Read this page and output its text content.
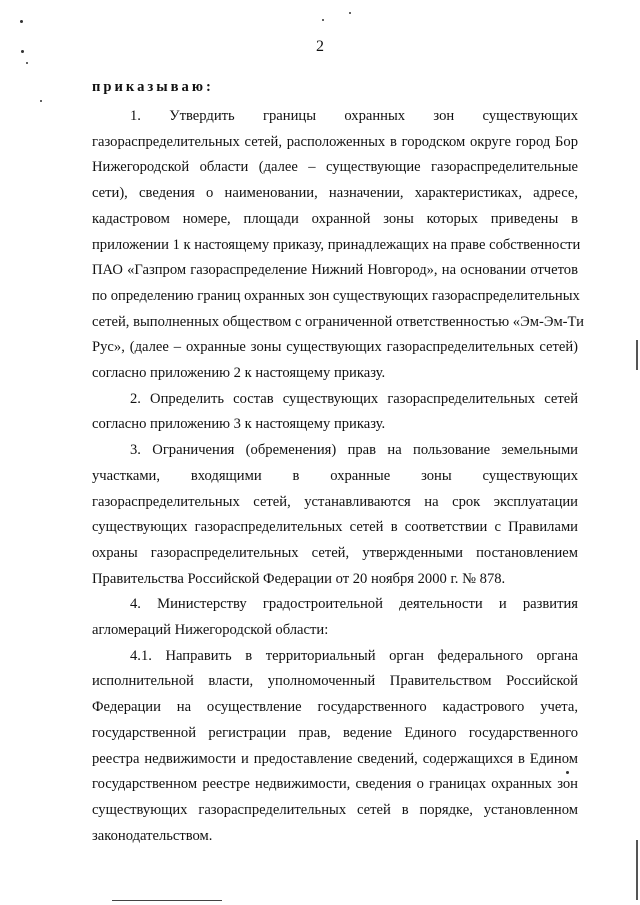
2
приказываю:
1.   Утвердить   границы   охранных   зон   существующих
газораспределительных сетей, расположенных в городском округе город Бор
Нижегородской области (далее – существующие газораспределительные
сети), сведения о наименовании, назначении, характеристиках, адресе,
кадастровом номере, площади охранной зоны которых приведены в
приложении 1 к настоящему приказу, принадлежащих на праве собственности
ПАО «Газпром газораспределение Нижний Новгород», на основании отчетов
по определению границ охранных зон существующих газораспределительных
сетей, выполненных обществом с ограниченной ответственностью «Эм-Эм-Ти
Рус», (далее – охранные зоны существующих газораспределительных сетей)
согласно приложению 2 к настоящему приказу.
2. Определить состав существующих газораспределительных сетей
согласно приложению 3 к настоящему приказу.
3. Ограничения (обременения) прав на пользование земельными
участками,     входящими     в     охранные     зоны     существующих
газораспределительных сетей, устанавливаются на срок эксплуатации
существующих газораспределительных сетей в соответствии с Правилами
охраны газораспределительных сетей, утвержденными постановлением
Правительства Российской Федерации от 20 ноября 2000 г. № 878.
4.   Министерству   градостроительной   деятельности   и   развития
агломераций Нижегородской области:
4.1.  Направить  в  территориальный  орган  федерального  органа
исполнительной власти, уполномоченный Правительством Российской
Федерации на осуществление государственного кадастрового учета,
государственной регистрации прав, ведение Единого государственного
реестра недвижимости и предоставление сведений, содержащихся в Едином
государственном реестре недвижимости, сведения о границах охранных зон
существующих газораспределительных сетей в порядке, установленном
законодательством.
